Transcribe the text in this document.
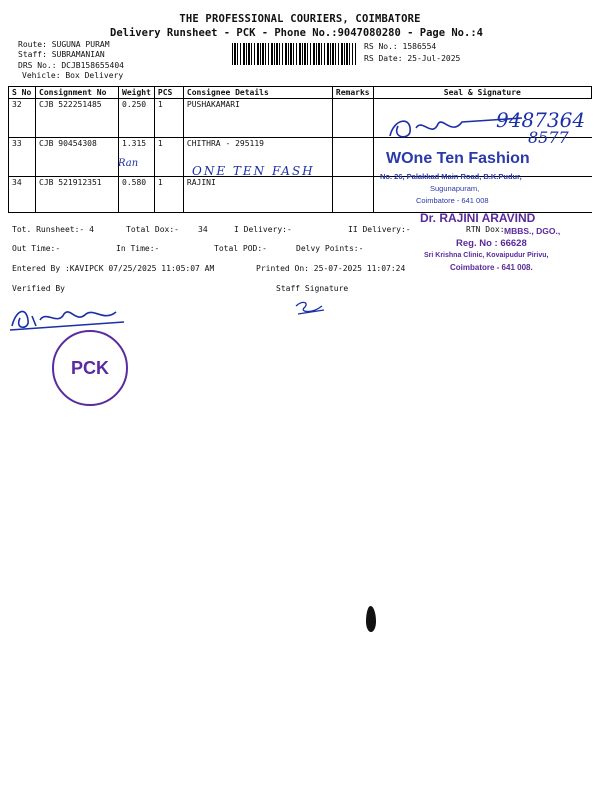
THE PROFESSIONAL COURIERS, COIMBATORE
Delivery Runsheet - PCK - Phone No.:9047080280 - Page No.:4
Route: SUGUNA PURAM
Staff: SUBRAMANIAN
DRS No.: DCJB158655404
Vehicle: Box Delivery
RS No.: 1586554
RS Date: 25-Jul-2025
S No	Consignment No	Weight	PCS	Consignee Details	Remarks	Seal & Signature
32	CJB 522251485	0.250	1	PUSHAKAMARI		
33	CJB 90454308	1.315	1	CHITHRA - 295119		
34	CJB 521912351	0.580	1	RAJINI		
9487364
8577
Ran
ONE TEN FASH
WOne Ten Fashion
No. 26, Palakkad Main Road, B.K.Pudur,
Sugunapuram,
Coimbatore - 641 008
Dr. RAJINI ARAVIND
MBBS., DGO.,
Reg. No : 66628
Sri Krishna Clinic, Kovaipudur Pirivu,
Coimbatore - 641 008.
Tot. Runsheet:- 4	Total Dox:- 34	I Delivery:-	II Delivery:-	RTN Dox:
Out Time:-	In Time:-	Total POD:-	Delvy Points:-
Entered By :KAVIPCK 07/25/2025 11:05:07 AM	Printed On: 25-07-2025 11:07:24
Verified By	Staff Signature
PCK
